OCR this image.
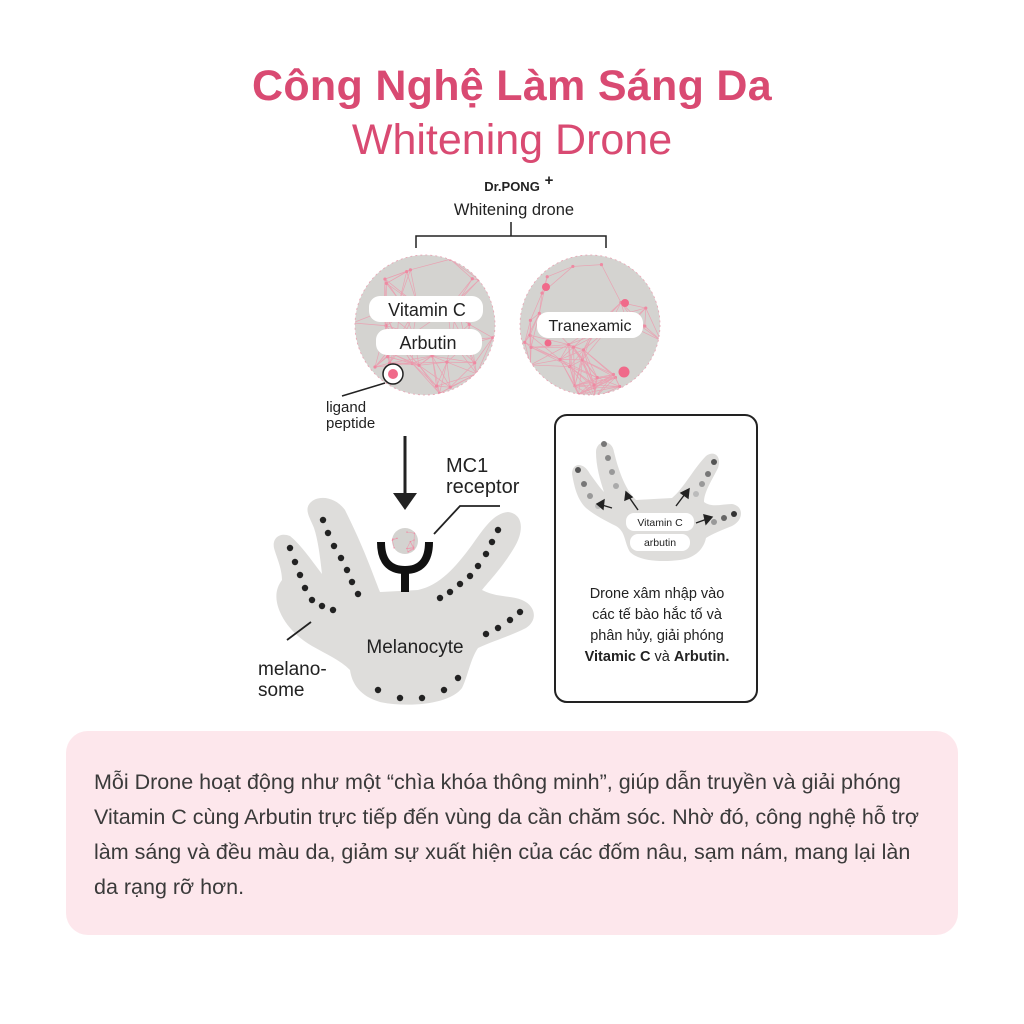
Công Nghệ Làm Sáng Da
Whitening Drone
Dr.PONG +
Whitening drone
Vitamin C
Arbutin
Tranexamic
ligand
peptide
MC1
receptor
Melanocyte
melano-
some
Vitamin C
arbutin
Drone xâm nhập vào
các tế bào hắc tố và
phân hủy, giải phóng
Vitamic C và Arbutin.

Mỗi Drone hoạt động như một “chìa khóa thông minh”, giúp dẫn truyền và giải phóng Vitamin C cùng Arbutin trực tiếp đến vùng da cần chăm sóc. Nhờ đó, công nghệ hỗ trợ làm sáng và đều màu da, giảm sự xuất hiện của các đốm nâu, sạm nám, mang lại làn da rạng rỡ hơn.
